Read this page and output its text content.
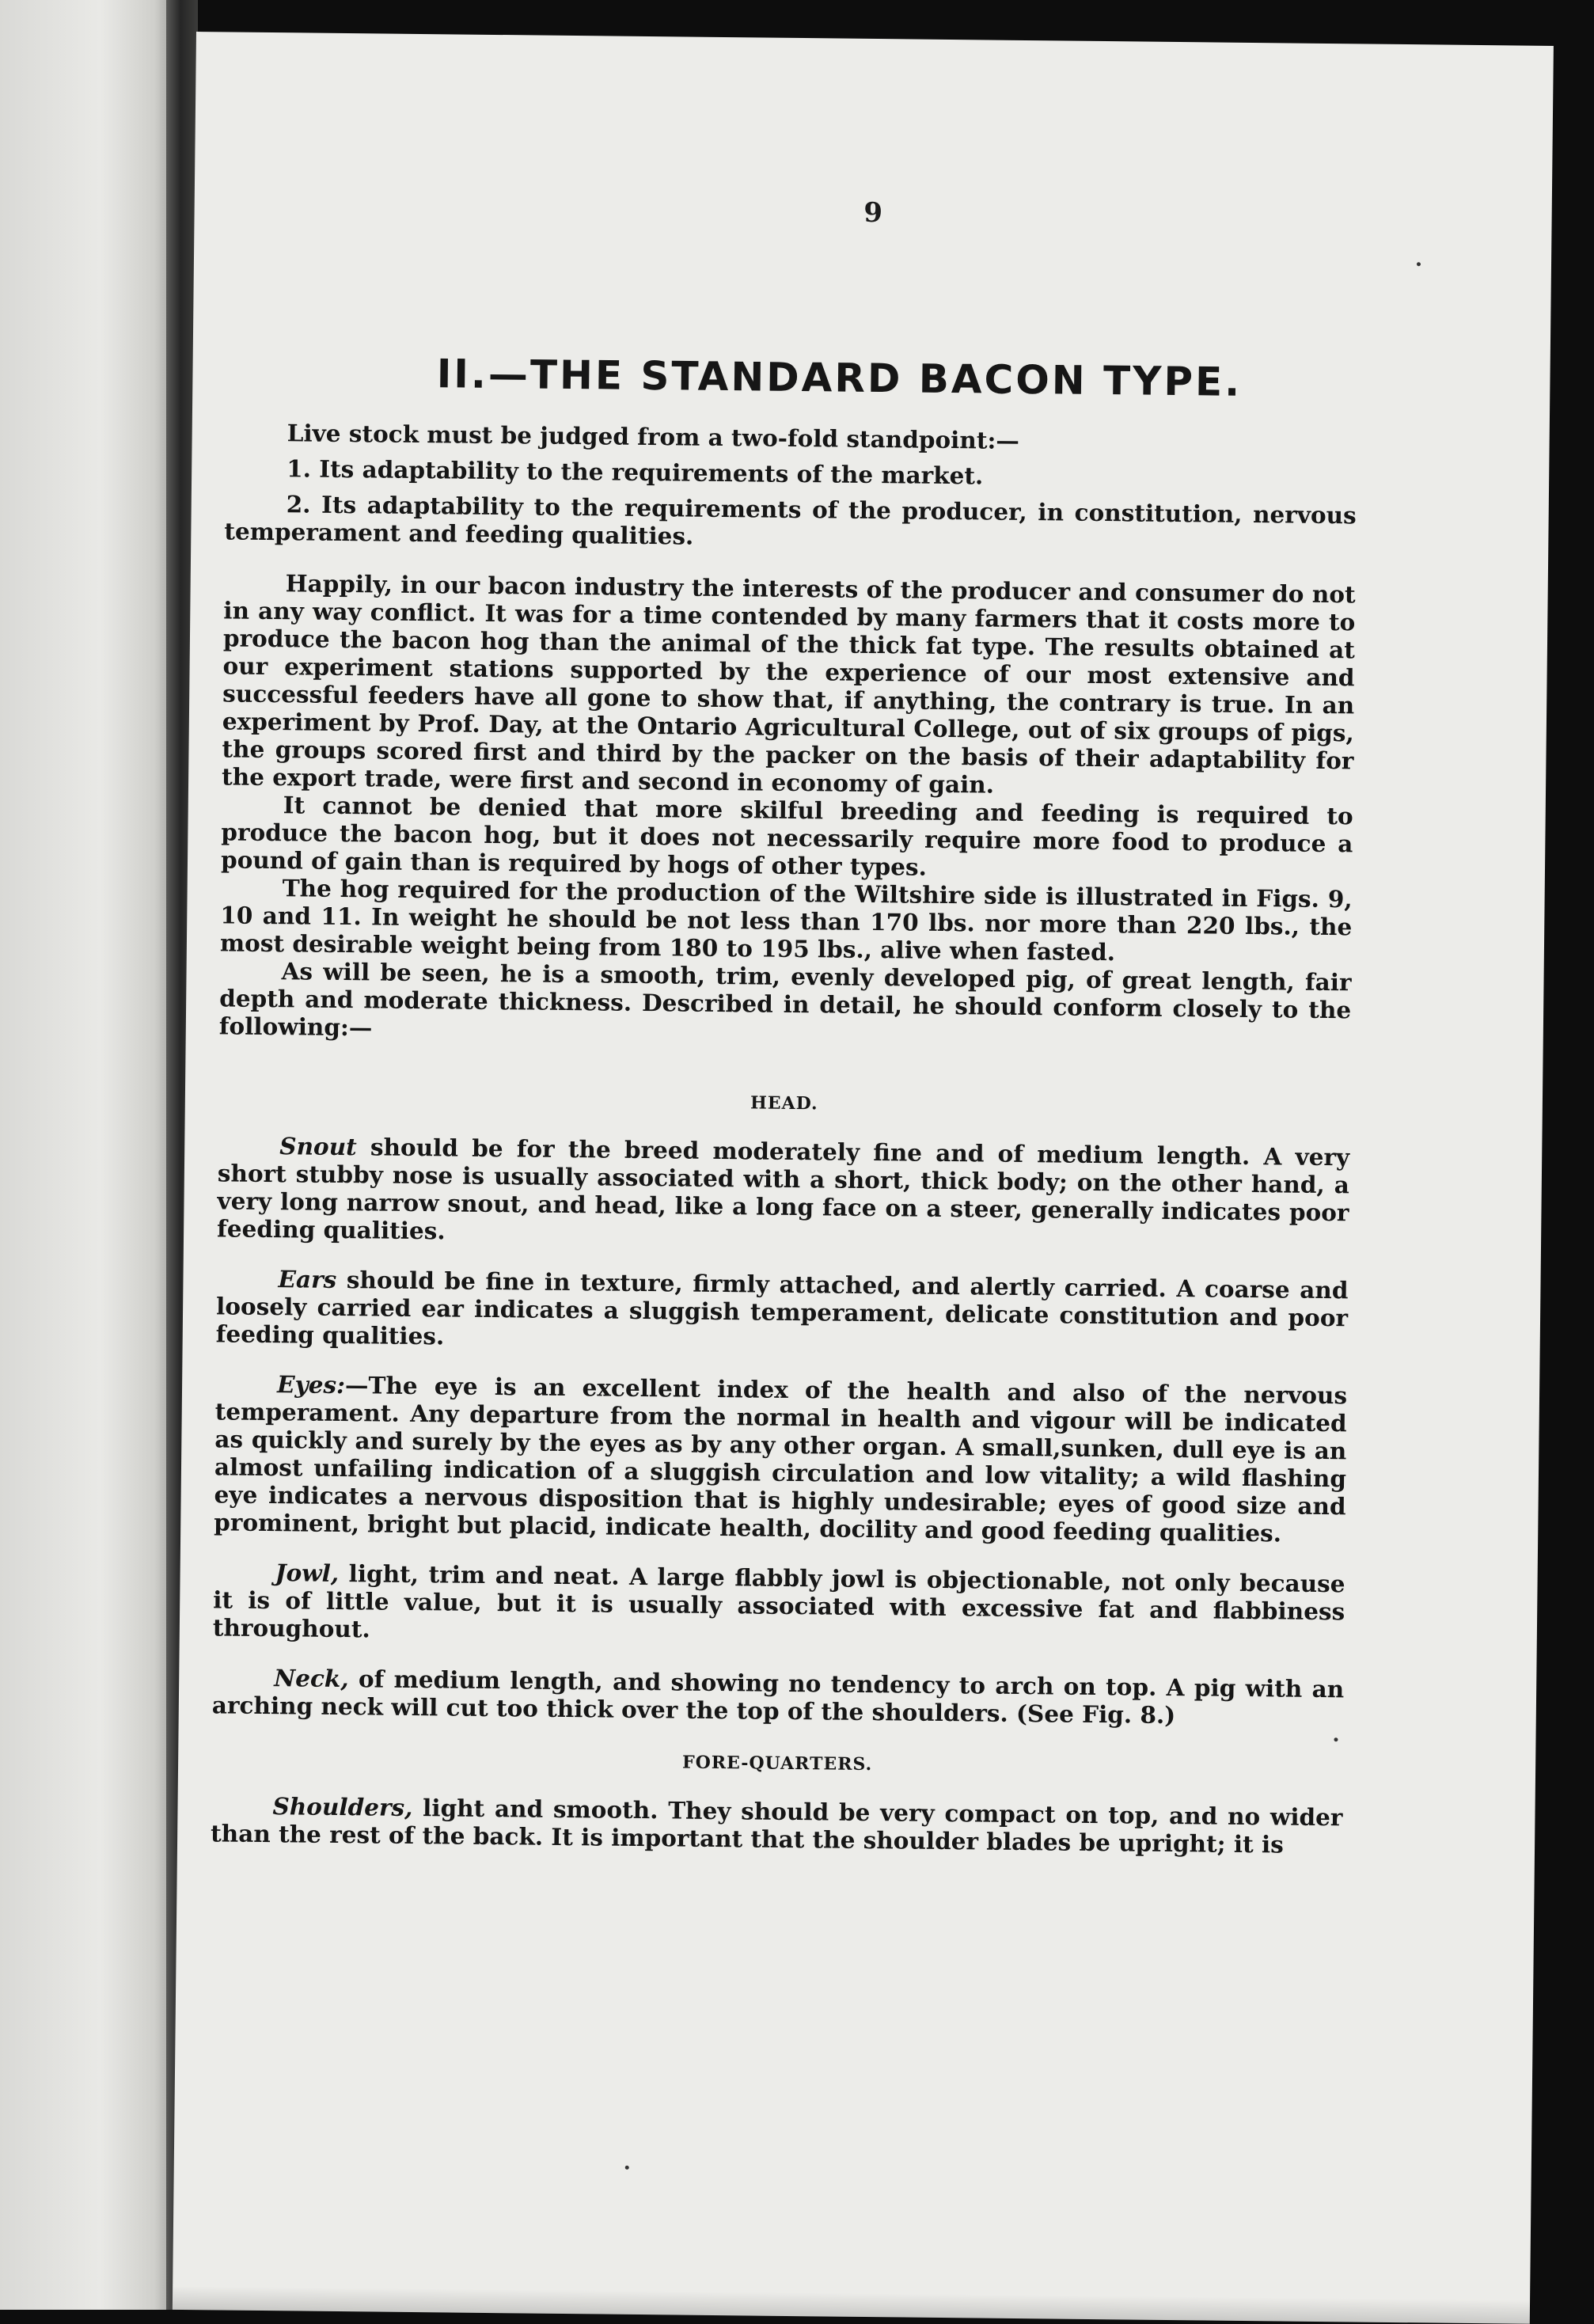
9
II.—THE STANDARD BACON TYPE.

Live stock must be judged from a two-fold standpoint:—

1. Its adaptability to the requirements of the market.

2. Its adaptability to the requirements of the producer, in constitution, nervous temperament and feeding qualities.

Happily, in our bacon industry the interests of the producer and consumer do not in any way conflict. It was for a time contended by many farmers that it costs more to produce the bacon hog than the animal of the thick fat type. The results obtained at our experiment stations supported by the experience of our most extensive and successful feeders have all gone to show that, if anything, the contrary is true. In an experiment by Prof. Day, at the Ontario Agricultural College, out of six groups of pigs, the groups scored first and third by the packer on the basis of their adaptability for the export trade, were first and second in economy of gain.

It cannot be denied that more skilful breeding and feeding is required to produce the bacon hog, but it does not necessarily require more food to produce a pound of gain than is required by hogs of other types.

The hog required for the production of the Wiltshire side is illustrated in Figs. 9, 10 and 11. In weight he should be not less than 170 lbs. nor more than 220 lbs., the most desirable weight being from 180 to 195 lbs., alive when fasted.

As will be seen, he is a smooth, trim, evenly developed pig, of great length, fair depth and moderate thickness. Described in detail, he should conform closely to the following:—

HEAD.

Snout should be for the breed moderately fine and of medium length. A very short stubby nose is usually associated with a short, thick body; on the other hand, a very long narrow snout, and head, like a long face on a steer, generally indicates poor feeding qualities.

Ears should be fine in texture, firmly attached, and alertly carried. A coarse and loosely carried ear indicates a sluggish temperament, delicate constitution and poor feeding qualities.

Eyes:—The eye is an excellent index of the health and also of the nervous temperament. Any departure from the normal in health and vigour will be indicated as quickly and surely by the eyes as by any other organ. A small,sunken, dull eye is an almost unfailing indication of a sluggish circulation and low vitality; a wild flashing eye indicates a nervous disposition that is highly undesirable; eyes of good size and prominent, bright but placid, indicate health, docility and good feeding qualities.

Jowl, light, trim and neat. A large flabbly jowl is objectionable, not only because it is of little value, but it is usually associated with excessive fat and flabbiness throughout.

Neck, of medium length, and showing no tendency to arch on top. A pig with an arching neck will cut too thick over the top of the shoulders. (See Fig. 8.)

FORE-QUARTERS.

Shoulders, light and smooth. They should be very compact on top, and no wider than the rest of the back. It is important that the shoulder blades be upright; it is
